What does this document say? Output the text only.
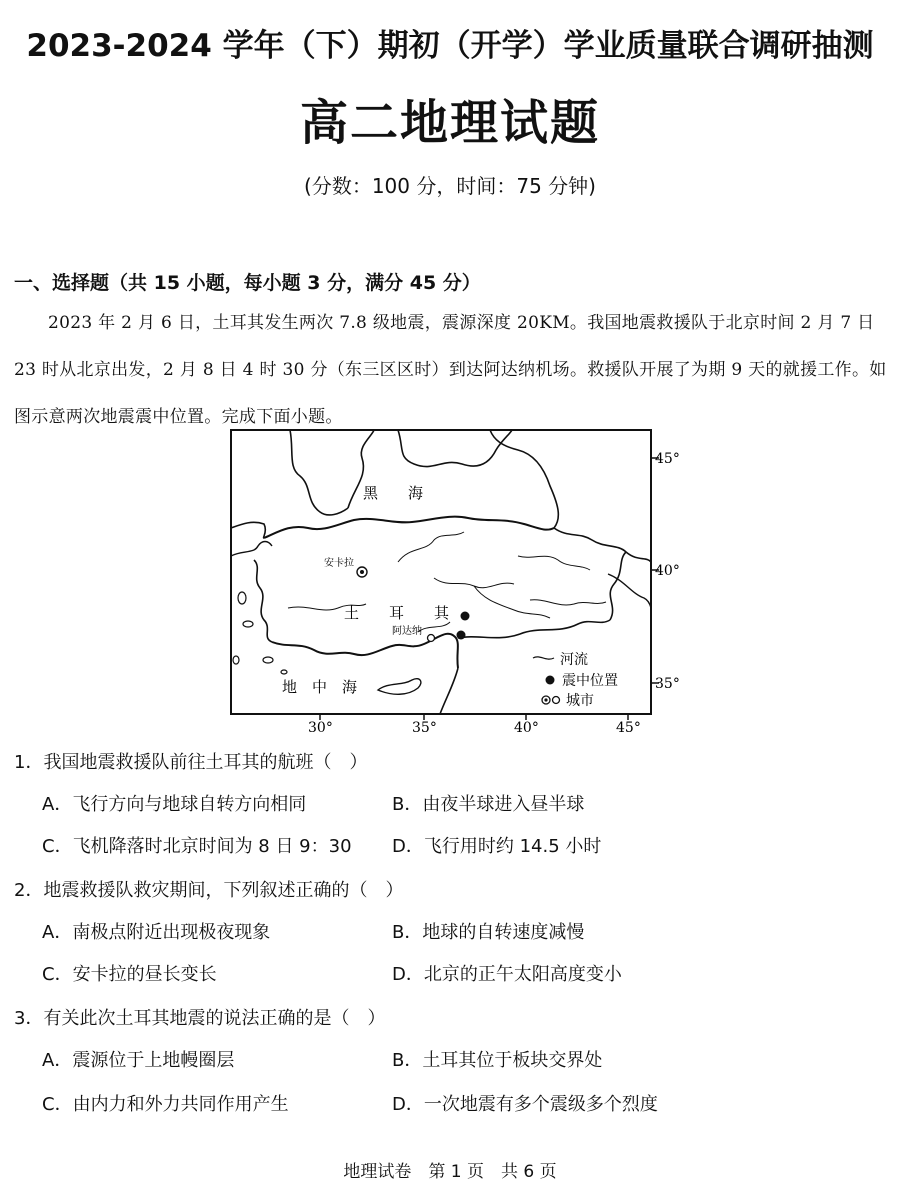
2023-2024 学年（下）期初（开学）学业质量联合调研抽测
高二地理试题
(分数：100 分，时间：75 分钟)
一、选择题（共 15 小题，每小题 3 分，满分 45 分）
2023 年 2 月 6 日，土耳其发生两次 7.8 级地震，震源深度 20KM。我国地震救援队于北京时间 2 月 7 日 23 时从北京出发，2 月 8 日 4 时 30 分（东三区区时）到达阿达纳机场。救援队开展了为期 9 天的就援工作。如图示意两次地震震中位置。完成下面小题。
黑　　海
土　　耳　　其
地　中　海
安卡拉
阿达纳
45°
40°
35°
30°	35°	40°	45°
河流
震中位置
城市
1．我国地震救援队前往土耳其的航班（　）
A．飞行方向与地球自转方向相同	B．由夜半球进入昼半球
C．飞机降落时北京时间为 8 日 9：30 D．飞行用时约 14.5 小时
2．地震救援队救灾期间，下列叙述正确的（　）
A．南极点附近出现极夜现象	B．地球的自转速度减慢
C．安卡拉的昼长变长	D．北京的正午太阳高度变小
3．有关此次土耳其地震的说法正确的是（　）
A．震源位于上地幔圈层	B．土耳其位于板块交界处
C．由内力和外力共同作用产生	D．一次地震有多个震级多个烈度
地理试卷　第 1 页　共 6 页
